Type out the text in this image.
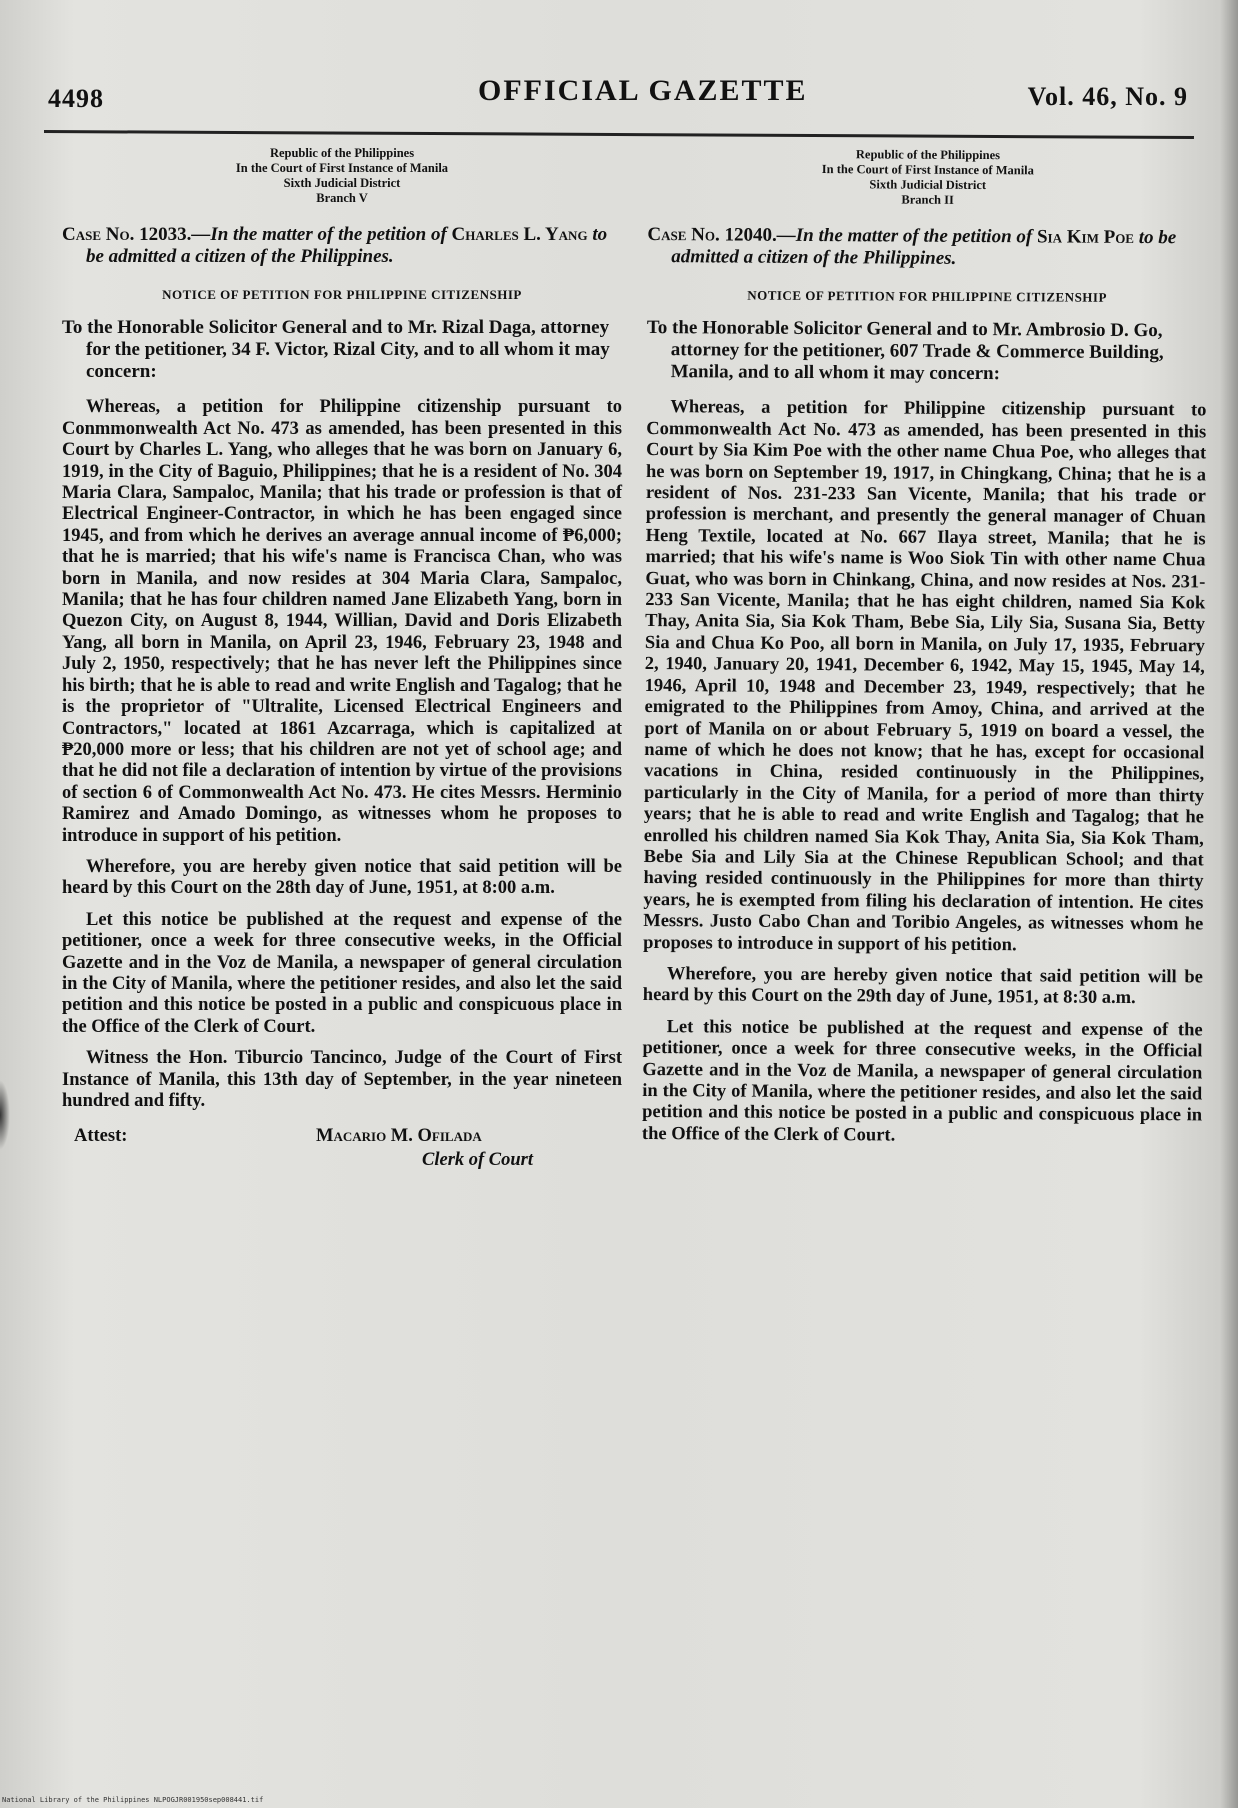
4498	OFFICIAL GAZETTE	Vol. 46, No. 9
Republic of the Philippines
In the Court of First Instance of Manila
Sixth Judicial District
Branch V
Case No. 12033.—In the matter of the petition of Charles L. Yang to be admitted a citizen of the Philippines.
NOTICE OF PETITION FOR PHILIPPINE CITIZENSHIP
To the Honorable Solicitor General and to Mr. Rizal Daga, attorney for the petitioner, 34 F. Victor, Rizal City, and to all whom it may concern:

Whereas, a petition for Philippine citizenship pursuant to Conmmonwealth Act No. 473 as amended, has been presented in this Court by Charles L. Yang, who alleges that he was born on January 6, 1919, in the City of Baguio, Philippines; that he is a resident of No. 304 Maria Clara, Sampaloc, Manila; that his trade or profession is that of Electrical Engineer-Contractor, in which he has been engaged since 1945, and from which he derives an average annual income of ₱6,000; that he is married; that his wife's name is Francisca Chan, who was born in Manila, and now resides at 304 Maria Clara, Sampaloc, Manila; that he has four children named Jane Elizabeth Yang, born in Quezon City, on August 8, 1944, Willian, David and Doris Elizabeth Yang, all born in Manila, on April 23, 1946, February 23, 1948 and July 2, 1950, respectively; that he has never left the Philippines since his birth; that he is able to read and write English and Tagalog; that he is the proprietor of "Ultralite, Licensed Electrical Engineers and Contractors," located at 1861 Azcarraga, which is capitalized at ₱20,000 more or less; that his children are not yet of school age; and that he did not file a declaration of intention by virtue of the provisions of section 6 of Commonwealth Act No. 473. He cites Messrs. Herminio Ramirez and Amado Domingo, as witnesses whom he proposes to introduce in support of his petition.

Wherefore, you are hereby given notice that said petition will be heard by this Court on the 28th day of June, 1951, at 8:00 a.m.

Let this notice be published at the request and expense of the petitioner, once a week for three consecutive weeks, in the Official Gazette and in the Voz de Manila, a newspaper of general circulation in the City of Manila, where the petitioner resides, and also let the said petition and this notice be posted in a public and conspicuous place in the Office of the Clerk of Court.

Witness the Hon. Tiburcio Tancinco, Judge of the Court of First Instance of Manila, this 13th day of September, in the year nineteen hundred and fifty.

Attest:	Macario M. Ofilada
Clerk of Court
Republic of the Philippines
In the Court of First Instance of Manila
Sixth Judicial District
Branch II
Case No. 12040.—In the matter of the petition of Sia Kim Poe to be admitted a citizen of the Philippines.
NOTICE OF PETITION FOR PHILIPPINE CITIZENSHIP
To the Honorable Solicitor General and to Mr. Ambrosio D. Go, attorney for the petitioner, 607 Trade & Commerce Building, Manila, and to all whom it may concern:

Whereas, a petition for Philippine citizenship pursuant to Commonwealth Act No. 473 as amended, has been presented in this Court by Sia Kim Poe with the other name Chua Poe, who alleges that he was born on September 19, 1917, in Chingkang, China; that he is a resident of Nos. 231-233 San Vicente, Manila; that his trade or profession is merchant, and presently the general manager of Chuan Heng Textile, located at No. 667 Ilaya street, Manila; that he is married; that his wife's name is Woo Siok Tin with other name Chua Guat, who was born in Chinkang, China, and now resides at Nos. 231-233 San Vicente, Manila; that he has eight children, named Sia Kok Thay, Anita Sia, Sia Kok Tham, Bebe Sia, Lily Sia, Susana Sia, Betty Sia and Chua Ko Poo, all born in Manila, on July 17, 1935, February 2, 1940, January 20, 1941, December 6, 1942, May 15, 1945, May 14, 1946, April 10, 1948 and December 23, 1949, respectively; that he emigrated to the Philippines from Amoy, China, and arrived at the port of Manila on or about February 5, 1919 on board a vessel, the name of which he does not know; that he has, except for occasional vacations in China, resided continuously in the Philippines, particularly in the City of Manila, for a period of more than thirty years; that he is able to read and write English and Tagalog; that he enrolled his children named Sia Kok Thay, Anita Sia, Sia Kok Tham, Bebe Sia and Lily Sia at the Chinese Republican School; and that having resided continuously in the Philippines for more than thirty years, he is exempted from filing his declaration of intention. He cites Messrs. Justo Cabo Chan and Toribio Angeles, as witnesses whom he proposes to introduce in support of his petition.

Wherefore, you are hereby given notice that said petition will be heard by this Court on the 29th day of June, 1951, at 8:30 a.m.

Let this notice be published at the request and expense of the petitioner, once a week for three consecutive weeks, in the Official Gazette and in the Voz de Manila, a newspaper of general circulation in the City of Manila, where the petitioner resides, and also let the said petition and this notice be posted in a public and conspicuous place in the Office of the Clerk of Court.

National Library of the Philippines NLPOGJR001950sep008441.tif
